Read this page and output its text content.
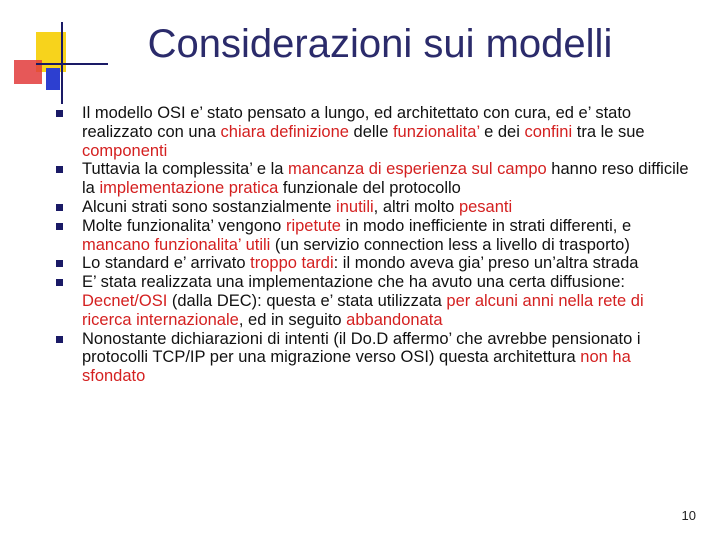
Considerazioni sui modelli
Il modello OSI e’ stato pensato a lungo, ed architettato con cura, ed e’ stato realizzato con una chiara definizione delle funzionalita’ e dei confini tra le sue componenti
Tuttavia la complessita’ e la mancanza di esperienza sul campo hanno reso difficile la implementazione pratica funzionale del protocollo
Alcuni strati sono sostanzialmente inutili, altri molto pesanti
Molte funzionalita’ vengono ripetute in modo inefficiente in strati differenti, e mancano funzionalita’ utili (un servizio connection less a livello di trasporto)
Lo standard e’ arrivato troppo tardi: il mondo aveva gia’ preso un’altra strada
E’ stata realizzata una implementazione che ha avuto una certa diffusione: Decnet/OSI (dalla DEC): questa e’ stata utilizzata per alcuni anni nella rete di ricerca internazionale, ed in seguito abbandonata
Nonostante dichiarazioni di intenti (il Do.D affermo’ che avrebbe pensionato i protocolli TCP/IP per una migrazione verso OSI) questa architettura non ha sfondato
10
